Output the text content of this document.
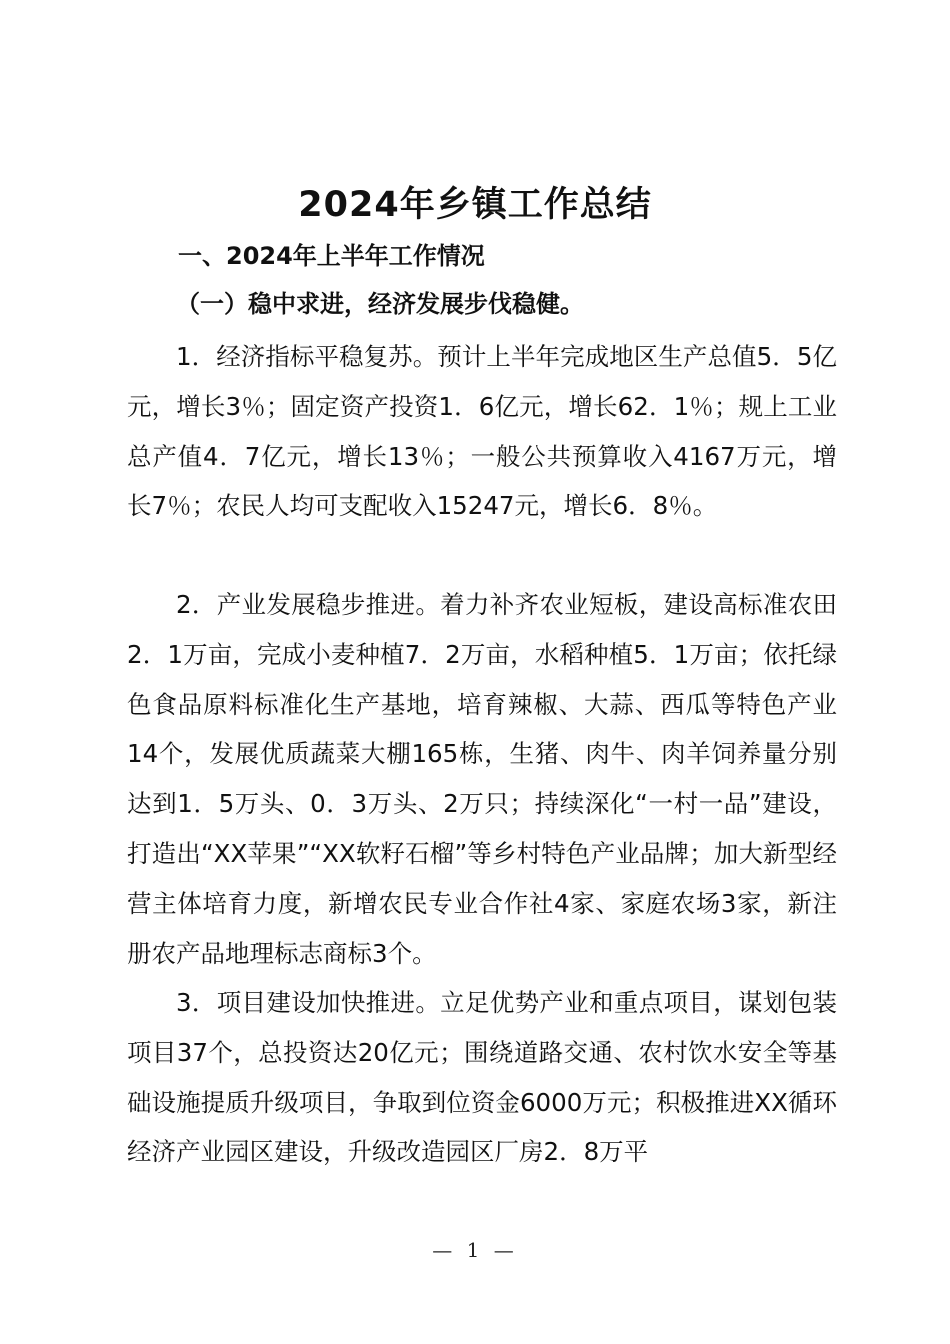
2024年乡镇工作总结
一、2024年上半年工作情况
（一）稳中求进，经济发展步伐稳健。

1．经济指标平稳复苏。预计上半年完成地区生产总值5．5亿元，增长3％；固定资产投资1．6亿元，增长62．1％；规上工业总产值4．7亿元，增长13％；一般公共预算收入4167万元，增长7％；农民人均可支配收入15247元，增长6．8％。

2．产业发展稳步推进。着力补齐农业短板，建设高标准农田2．1万亩，完成小麦种植7．2万亩，水稻种植5．1万亩；依托绿色食品原料标准化生产基地，培育辣椒、大蒜、西瓜等特色产业14个，发展优质蔬菜大棚165栋，生猪、肉牛、肉羊饲养量分别达到1．5万头、0．3万头、2万只；持续深化“一村一品”建设，打造出“XX苹果”“XX软籽石榴”等乡村特色产业品牌；加大新型经营主体培育力度，新增农民专业合作社4家、家庭农场3家，新注册农产品地理标志商标3个。

3．项目建设加快推进。立足优势产业和重点项目，谋划包装项目37个，总投资达20亿元；围绕道路交通、农村饮水安全等基础设施提质升级项目，争取到位资金6000万元；积极推进XX循环经济产业园区建设，升级改造园区厂房2．8万平

— 1 —
